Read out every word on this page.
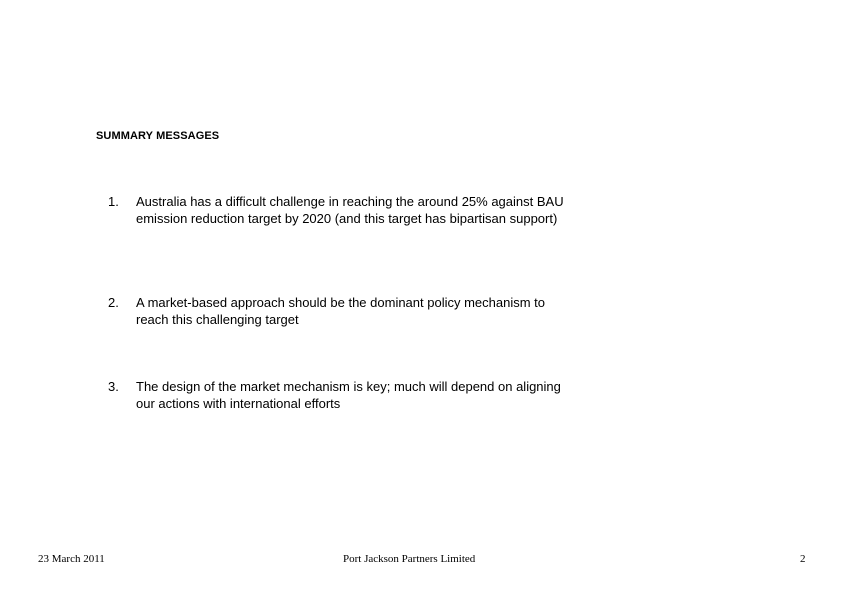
SUMMARY MESSAGES
1.	Australia has a difficult challenge in reaching the around 25% against BAU emission reduction target by 2020 (and this target has bipartisan support)
2.	A market-based approach should be the dominant policy mechanism to reach this challenging target
3.	The design of the market mechanism is key; much will depend on aligning our actions with international efforts
23 March 2011	Port Jackson Partners Limited	2
